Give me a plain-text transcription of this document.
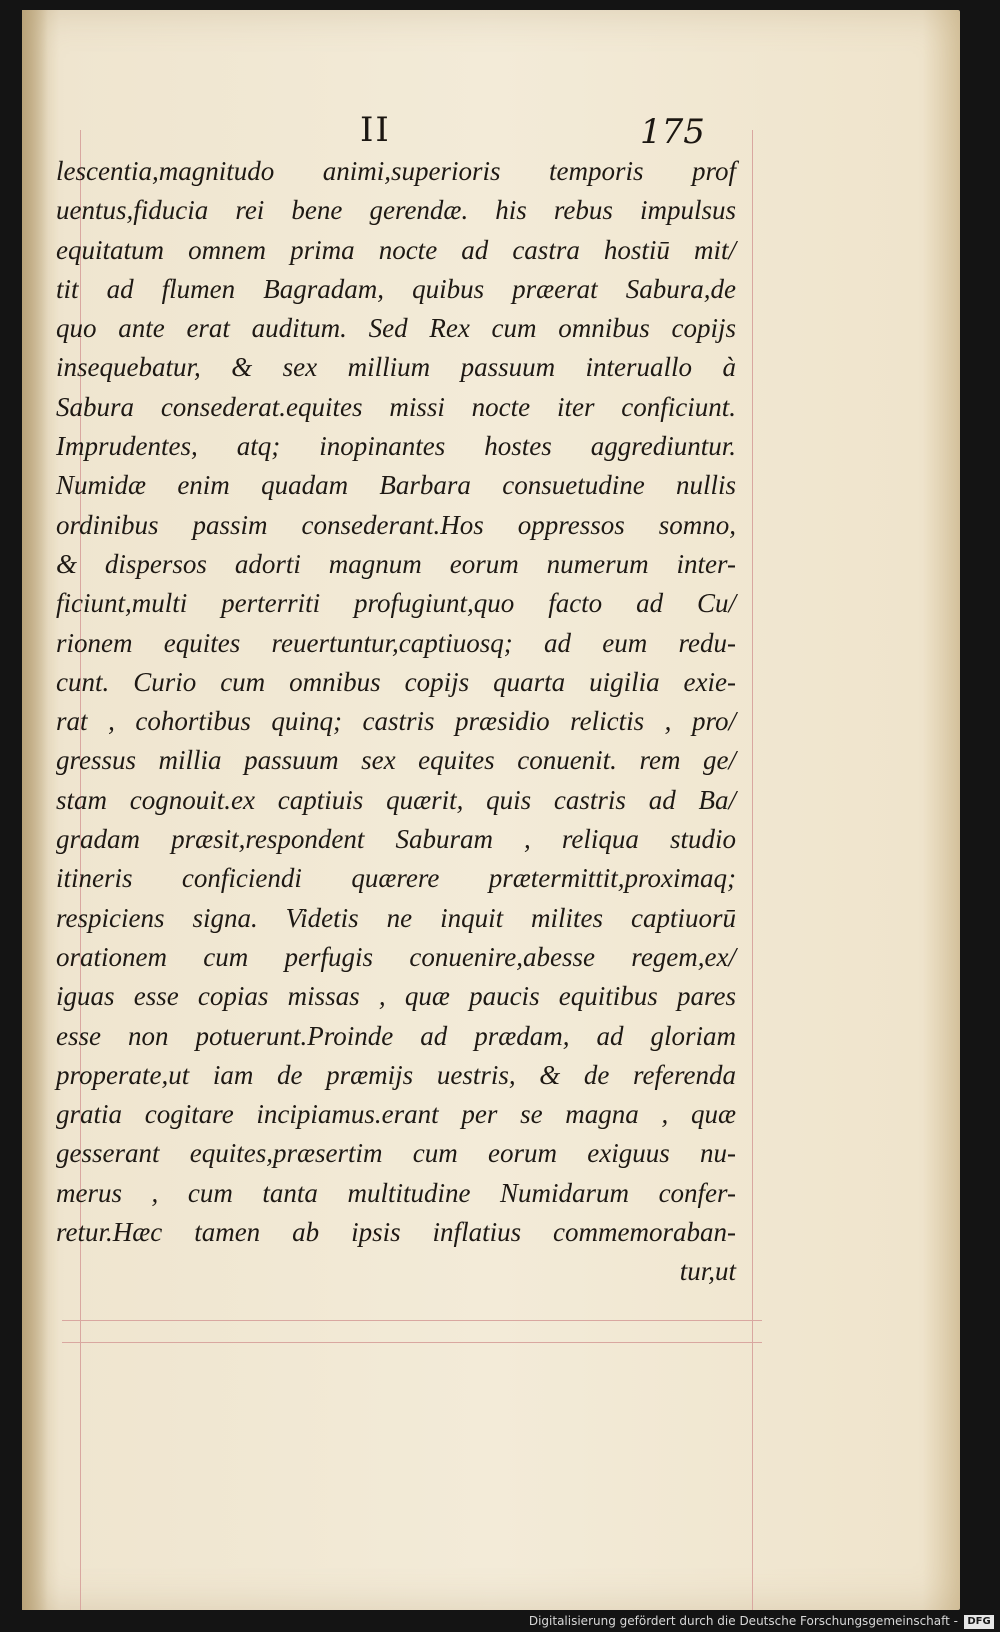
II	175
lescentia,magnitudo animi,superioris temporis prof
uentus,fiducia rei bene gerendæ. his rebus impulsus
equitatum omnem prima nocte ad castra hostiū mit/
tit ad flumen Bagradam, quibus præerat Sabura,de
quo ante erat auditum. Sed Rex cum omnibus copijs
insequebatur, & sex millium passuum interuallo à
Sabura consederat.equites missi nocte iter conficiunt.
Imprudentes, atq; inopinantes hostes aggrediuntur.
Numidæ enim quadam Barbara consuetudine nullis
ordinibus passim consederant.Hos oppressos somno,
& dispersos adorti magnum eorum numerum inter-
ficiunt,multi perterriti profugiunt,quo facto ad Cu/
rionem equites reuertuntur,captiuosq; ad eum redu-
cunt. Curio cum omnibus copijs quarta uigilia exie-
rat , cohortibus quinq; castris præsidio relictis , pro/
gressus millia passuum sex equites conuenit. rem ge/
stam cognouit.ex captiuis quærit, quis castris ad Ba/
gradam præsit,respondent Saburam , reliqua studio
itineris conficiendi quærere prætermittit,proximaq;
respiciens signa. Videtis ne inquit milites captiuorū
orationem cum perfugis conuenire,abesse regem,ex/
iguas esse copias missas , quæ paucis equitibus pares
esse non potuerunt.Proinde ad prædam, ad gloriam
properate,ut iam de præmijs uestris, & de referenda
gratia cogitare incipiamus.erant per se magna , quæ
gesserant equites,præsertim cum eorum exiguus nu-
merus , cum tanta multitudine Numidarum confer-
retur.Hæc tamen ab ipsis inflatius commemoraban-
tur,ut
Digitalisierung gefördert durch die Deutsche Forschungsgemeinschaft - DFG
